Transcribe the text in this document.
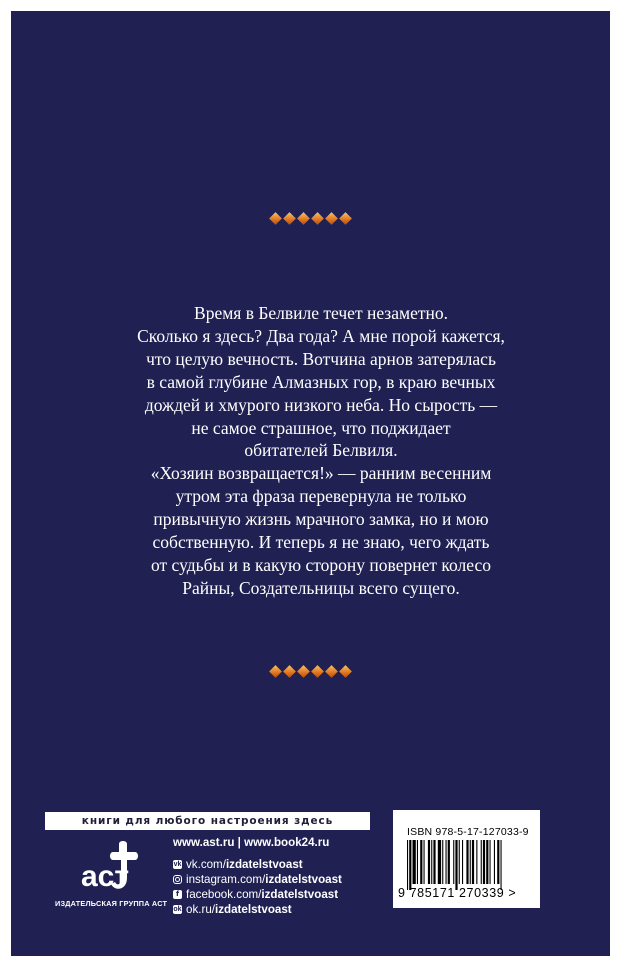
Время в Белвиле течет незаметно.

Сколько я здесь? Два года? А мне порой кажется,

что целую вечность. Вотчина арнов затерялась

в самой глубине Алмазных гор, в краю вечных

дождей и хмурого низкого неба. Но сырость —

не самое страшное, что поджидает

обитателей Белвиля.

«Хозяин возвращается!» — ранним весенним

утром эта фраза перевернула не только

привычную жизнь мрачного замка, но и мою

собственную. И теперь я не знаю, чего ждать

от судьбы и в какую сторону повернет колесо

Райны, Создательницы всего сущего.

книги для любого настроения здесь
аст
ИЗДАТЕЛЬСКАЯ ГРУППА АСТ
www.ast.ru | www.book24.ru
vk vk.com/ izdatelstvoast
instagram.com/ izdatelstvoast
f facebook.com/ izdatelstvoast
ok ok.ru/ izdatelstvoast
ISBN 978-5-17-127033-9
9 785171 270339 >
